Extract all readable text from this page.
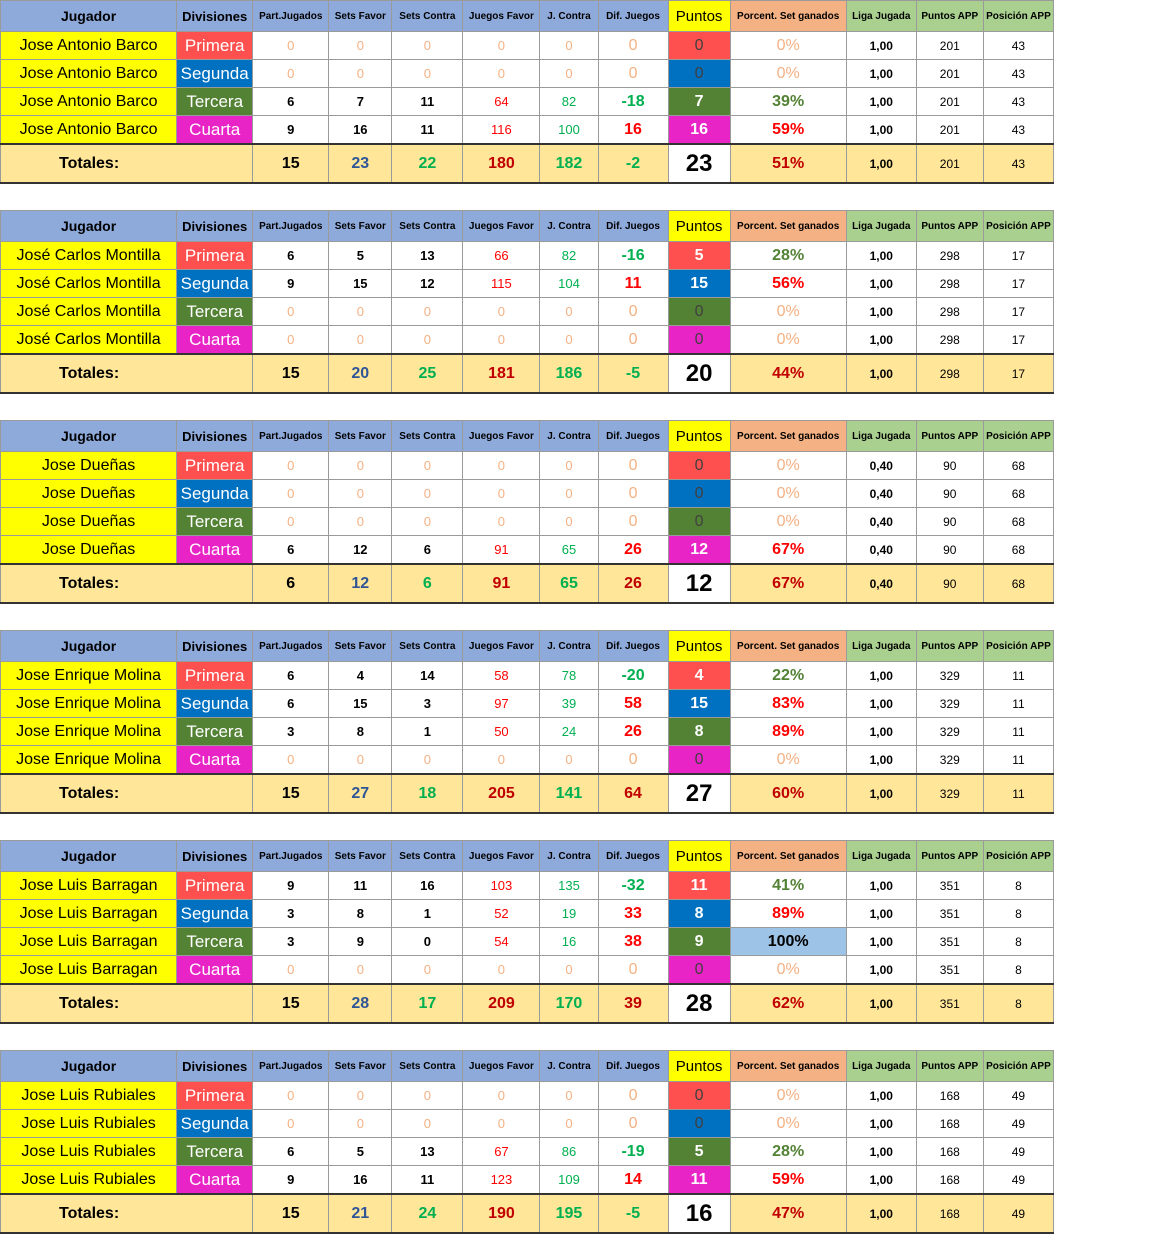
Jugador	Divisiones	Part.Jugados	Sets Favor	Sets Contra	Juegos Favor	J. Contra	Dif. Juegos	Puntos	Porcent. Set ganados	Liga Jugada	Puntos APP	Posición APP
Jose Antonio Barco	Primera	0	0	0	0	0	0	0	0%	1,00	201	43
Jose Antonio Barco	Segunda	0	0	0	0	0	0	0	0%	1,00	201	43
Jose Antonio Barco	Tercera	6	7	11	64	82	-18	7	39%	1,00	201	43
Jose Antonio Barco	Cuarta	9	16	11	116	100	16	16	59%	1,00	201	43
Totales:		15	23	22	180	182	-2	23	51%	1,00	201	43
Jugador	Divisiones	Part.Jugados	Sets Favor	Sets Contra	Juegos Favor	J. Contra	Dif. Juegos	Puntos	Porcent. Set ganados	Liga Jugada	Puntos APP	Posición APP
José Carlos Montilla	Primera	6	5	13	66	82	-16	5	28%	1,00	298	17
José Carlos Montilla	Segunda	9	15	12	115	104	11	15	56%	1,00	298	17
José Carlos Montilla	Tercera	0	0	0	0	0	0	0	0%	1,00	298	17
José Carlos Montilla	Cuarta	0	0	0	0	0	0	0	0%	1,00	298	17
Totales:		15	20	25	181	186	-5	20	44%	1,00	298	17
Jugador	Divisiones	Part.Jugados	Sets Favor	Sets Contra	Juegos Favor	J. Contra	Dif. Juegos	Puntos	Porcent. Set ganados	Liga Jugada	Puntos APP	Posición APP
Jose Dueñas	Primera	0	0	0	0	0	0	0	0%	0,40	90	68
Jose Dueñas	Segunda	0	0	0	0	0	0	0	0%	0,40	90	68
Jose Dueñas	Tercera	0	0	0	0	0	0	0	0%	0,40	90	68
Jose Dueñas	Cuarta	6	12	6	91	65	26	12	67%	0,40	90	68
Totales:		6	12	6	91	65	26	12	67%	0,40	90	68
Jugador	Divisiones	Part.Jugados	Sets Favor	Sets Contra	Juegos Favor	J. Contra	Dif. Juegos	Puntos	Porcent. Set ganados	Liga Jugada	Puntos APP	Posición APP
Jose Enrique Molina	Primera	6	4	14	58	78	-20	4	22%	1,00	329	11
Jose Enrique Molina	Segunda	6	15	3	97	39	58	15	83%	1,00	329	11
Jose Enrique Molina	Tercera	3	8	1	50	24	26	8	89%	1,00	329	11
Jose Enrique Molina	Cuarta	0	0	0	0	0	0	0	0%	1,00	329	11
Totales:		15	27	18	205	141	64	27	60%	1,00	329	11
Jugador	Divisiones	Part.Jugados	Sets Favor	Sets Contra	Juegos Favor	J. Contra	Dif. Juegos	Puntos	Porcent. Set ganados	Liga Jugada	Puntos APP	Posición APP
Jose Luis Barragan	Primera	9	11	16	103	135	-32	11	41%	1,00	351	8
Jose Luis Barragan	Segunda	3	8	1	52	19	33	8	89%	1,00	351	8
Jose Luis Barragan	Tercera	3	9	0	54	16	38	9	100%	1,00	351	8
Jose Luis Barragan	Cuarta	0	0	0	0	0	0	0	0%	1,00	351	8
Totales:		15	28	17	209	170	39	28	62%	1,00	351	8
Jugador	Divisiones	Part.Jugados	Sets Favor	Sets Contra	Juegos Favor	J. Contra	Dif. Juegos	Puntos	Porcent. Set ganados	Liga Jugada	Puntos APP	Posición APP
Jose Luis Rubiales	Primera	0	0	0	0	0	0	0	0%	1,00	168	49
Jose Luis Rubiales	Segunda	0	0	0	0	0	0	0	0%	1,00	168	49
Jose Luis Rubiales	Tercera	6	5	13	67	86	-19	5	28%	1,00	168	49
Jose Luis Rubiales	Cuarta	9	16	11	123	109	14	11	59%	1,00	168	49
Totales:		15	21	24	190	195	-5	16	47%	1,00	168	49
